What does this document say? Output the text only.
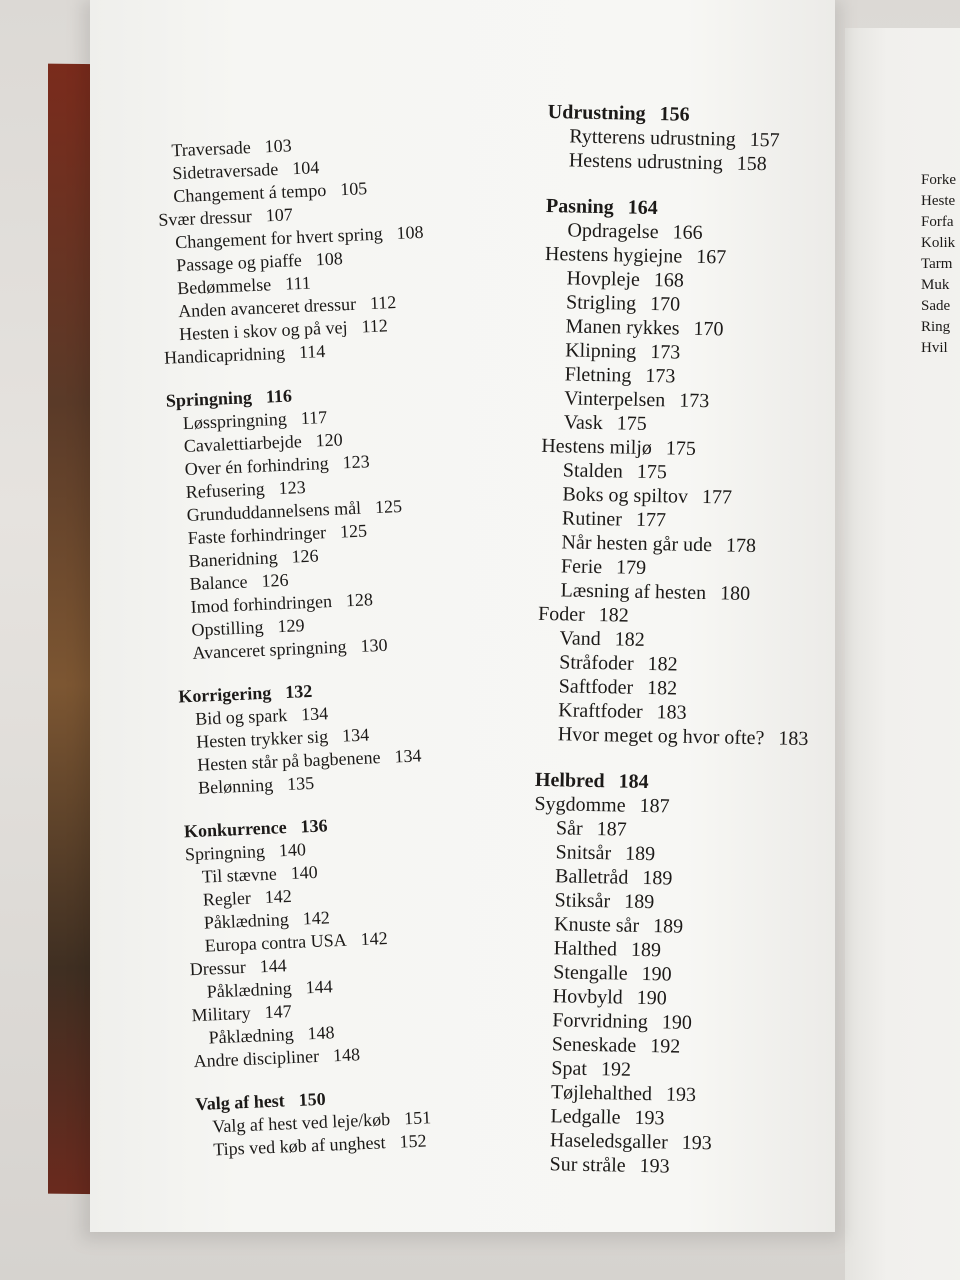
Traversade 103
Sidetraversade 104
Changement á tempo 105
Svær dressur 107
Changement for hvert spring 108
Passage og piaffe 108
Bedømmelse 111
Anden avanceret dressur 112
Hesten i skov og på vej 112
Handicapridning 114
Springning 116
Løsspringning 117
Cavalettiarbejde 120
Over én forhindring 123
Refusering 123
Grunduddannelsens mål 125
Faste forhindringer 125
Baneridning 126
Balance 126
Imod forhindringen 128
Opstilling 129
Avanceret springning 130
Korrigering 132
Bid og spark 134
Hesten trykker sig 134
Hesten står på bagbenene 134
Belønning 135
Konkurrence 136
Springning 140
Til stævne 140
Regler 142
Påklædning 142
Europa contra USA 142
Dressur 144
Påklædning 144
Military 147
Påklædning 148
Andre discipliner 148
Valg af hest 150
Valg af hest ved leje/køb 151
Tips ved køb af unghest 152
Udrustning 156
Rytterens udrustning 157
Hestens udrustning 158
Pasning 164
Opdragelse 166
Hestens hygiejne 167
Hovpleje 168
Strigling 170
Manen rykkes 170
Klipning 173
Fletning 173
Vinterpelsen 173
Vask 175
Hestens miljø 175
Stalden 175
Boks og spiltov 177
Rutiner 177
Når hesten går ude 178
Ferie 179
Læsning af hesten 180
Foder 182
Vand 182
Stråfoder 182
Saftfoder 182
Kraftfoder 183
Hvor meget og hvor ofte? 183
Helbred 184
Sygdomme 187
Sår 187
Snitsår 189
Balletråd 189
Stiksår 189
Knuste sår 189
Halthed 189
Stengalle 190
Hovbyld 190
Forvridning 190
Seneskade 192
Spat 192
Tøjlehalthed 193
Ledgalle 193
Haseledsgaller 193
Sur stråle 193
Forke
Heste
Forfa
Kolik
Tarm
Muk
Sade
Ring
Hvil
